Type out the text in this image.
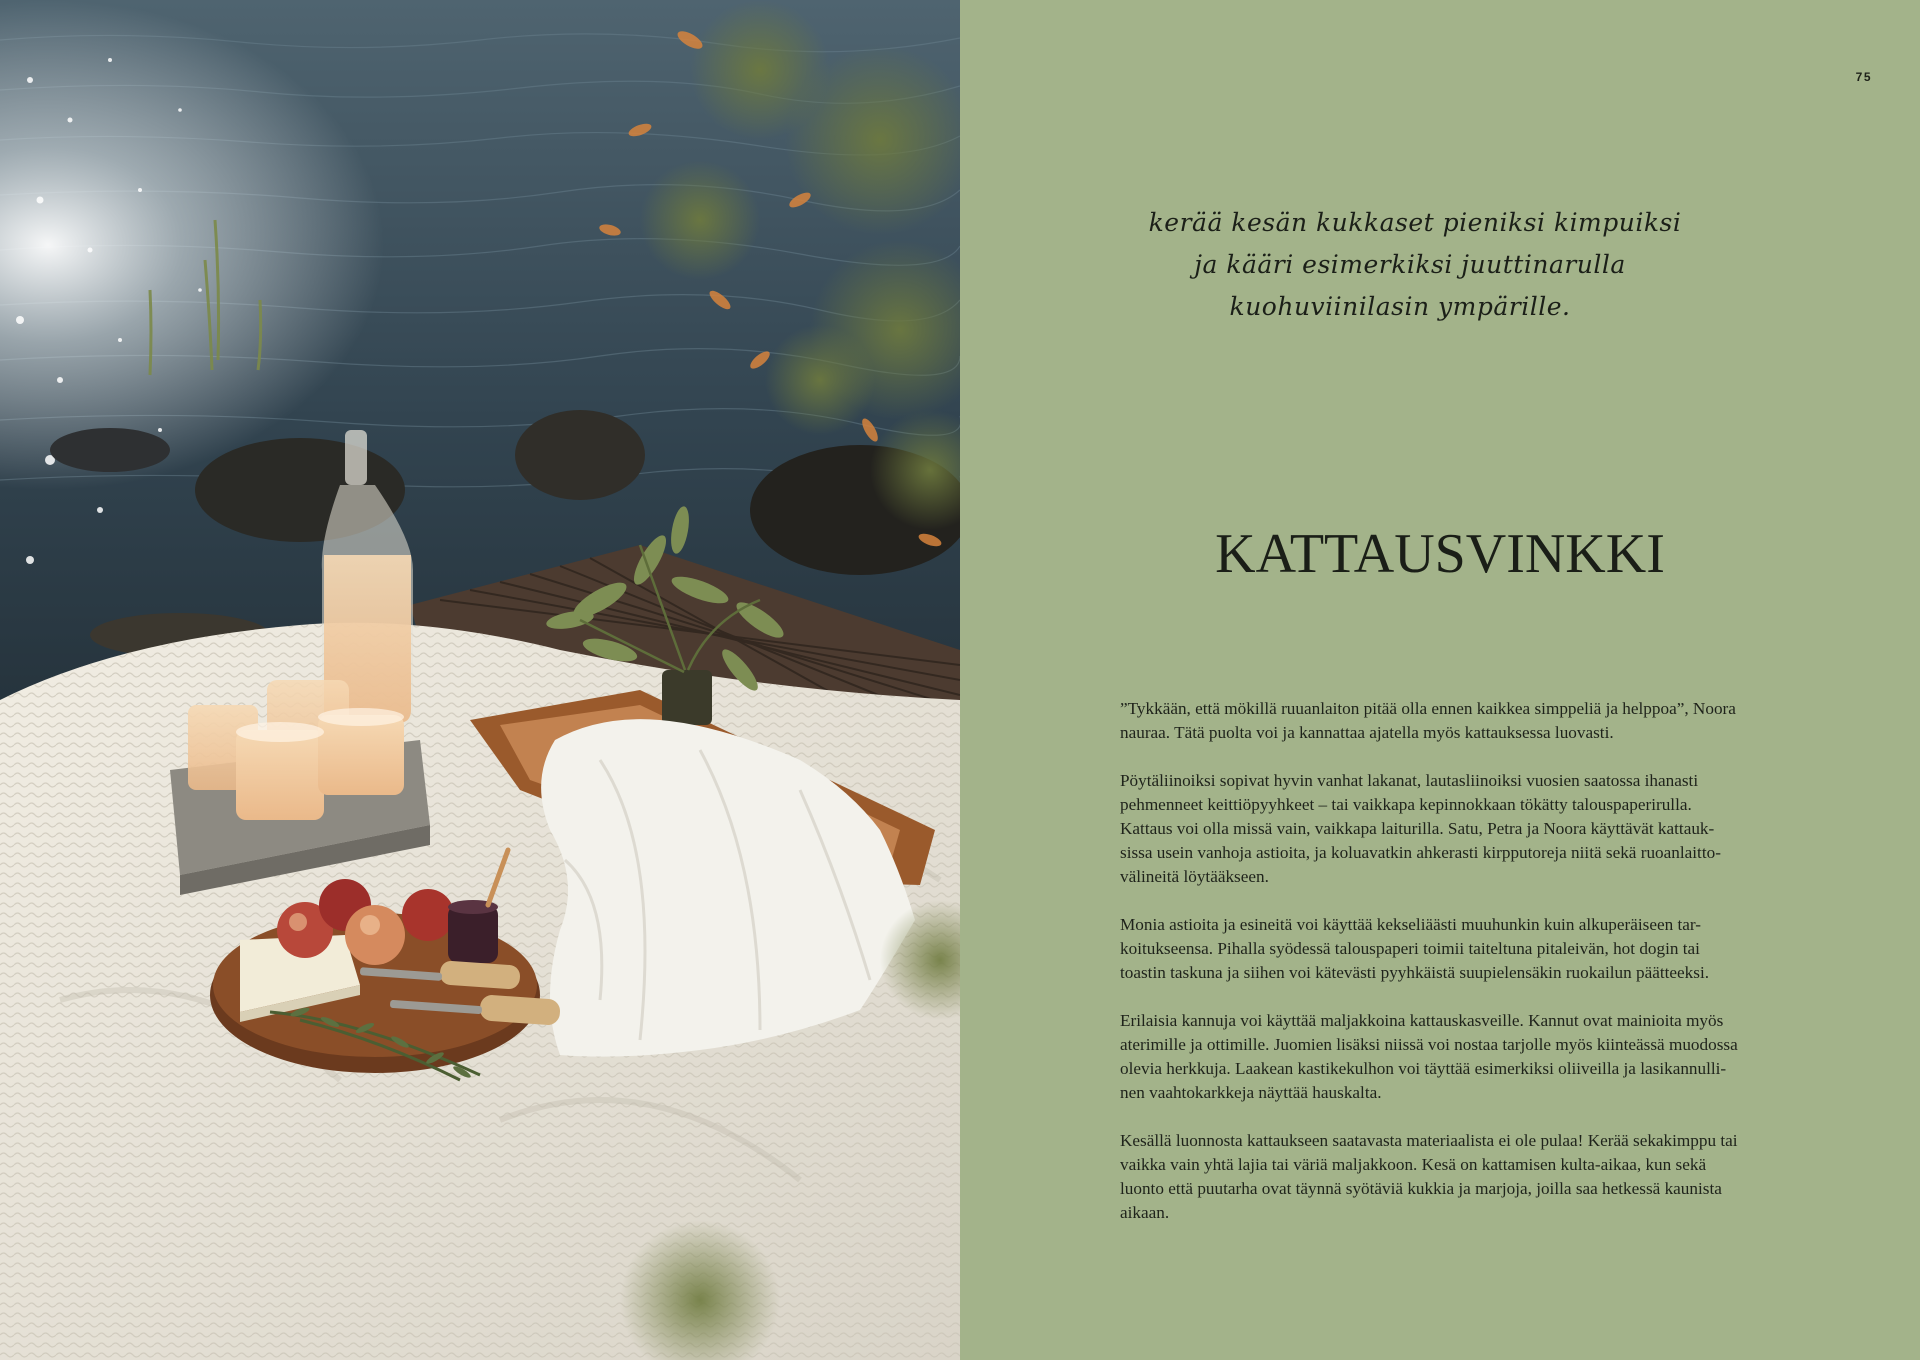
75
kerää kesän kukkaset pieniksi kimpuiksi
ja kääri esimerkiksi juuttinarulla
kuohuviinilasin ympärille.
KATTAUSVINKKI

”Tykkään, että mökillä ruuanlaiton pitää olla ennen kaikkea simppeliä ja helppoa”, Noora nauraa. Tätä puolta voi ja kannattaa ajatella myös kattauksessa luovasti.

Pöytäliinoiksi sopivat hyvin vanhat lakanat, lautasliinoiksi vuosien saatossa ihanasti pehmenneet keittiöpyyhkeet – tai vaikkapa kepinnokkaan tökätty talouspaperirulla. Kattaus voi olla missä vain, vaikkapa laiturilla. Satu, Petra ja Noora käyttävät kattauk-sissa usein vanhoja astioita, ja koluavatkin ahkerasti kirpputoreja niitä sekä ruoanlaitto-välineitä löytääkseen.

Monia astioita ja esineitä voi käyttää kekseliäästi muuhunkin kuin alkuperäiseen tar-koitukseensa. Pihalla syödessä talouspaperi toimii taiteltuna pitaleivän, hot dogin tai toastin taskuna ja siihen voi kätevästi pyyhkäistä suupielensäkin ruokailun päätteeksi.

Erilaisia kannuja voi käyttää maljakkoina kattauskasveille. Kannut ovat mainioita myös aterimille ja ottimille. Juomien lisäksi niissä voi nostaa tarjolle myös kiinteässä muodossa olevia herkkuja. Laakean kastikekulhon voi täyttää esimerkiksi oliiveilla ja lasikannulli-nen vaahtokarkkeja näyttää hauskalta.

Kesällä luonnosta kattaukseen saatavasta materiaalista ei ole pulaa! Kerää sekakimppu tai vaikka vain yhtä lajia tai väriä maljakkoon. Kesä on kattamisen kulta-aikaa, kun sekä luonto että puutarha ovat täynnä syötäviä kukkia ja marjoja, joilla saa hetkessä kaunista aikaan.
